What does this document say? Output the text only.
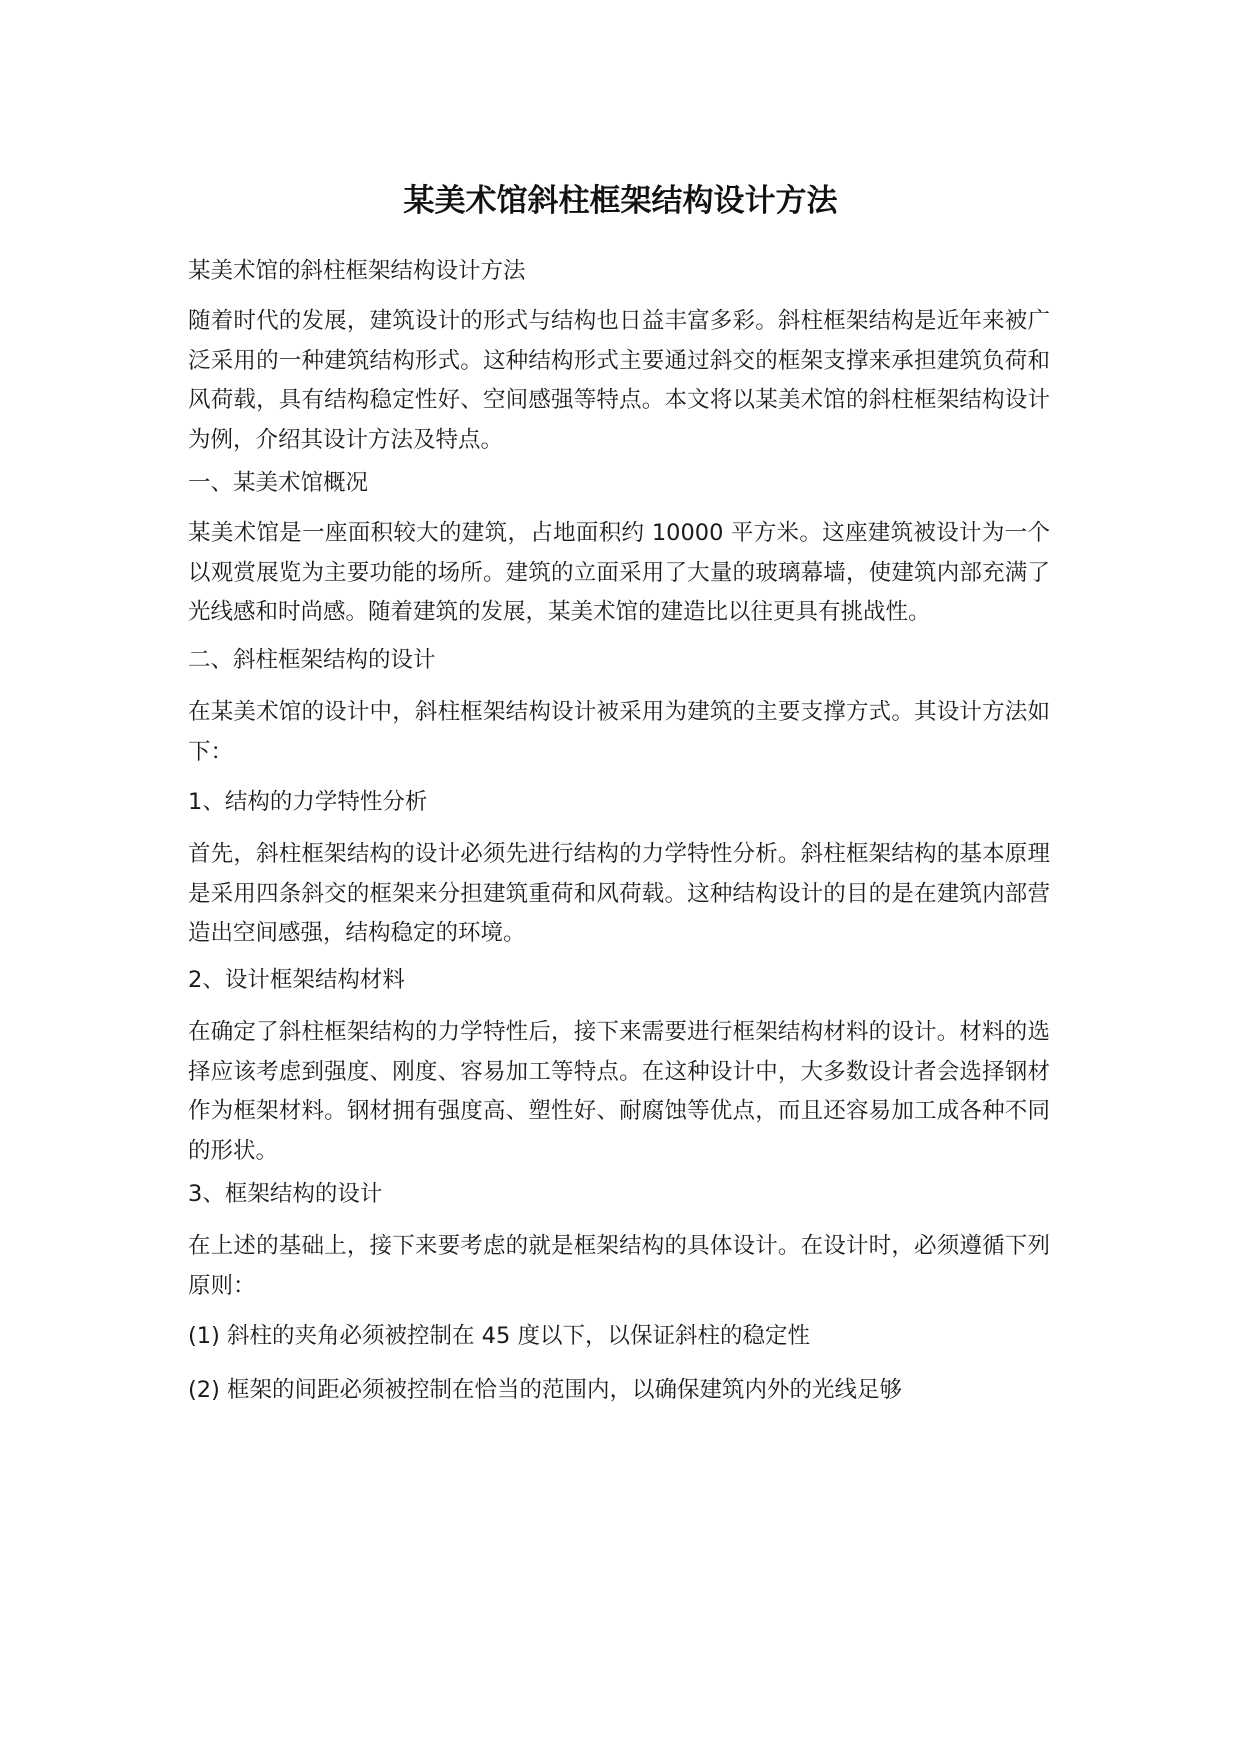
某美术馆斜柱框架结构设计方法

某美术馆的斜柱框架结构设计方法

随着时代的发展，建筑设计的形式与结构也日益丰富多彩。斜柱框架结构是近年来被广泛采用的一种建筑结构形式。这种结构形式主要通过斜交的框架支撑来承担建筑负荷和风荷载，具有结构稳定性好、空间感强等特点。本文将以某美术馆的斜柱框架结构设计为例，介绍其设计方法及特点。

一、某美术馆概况

某美术馆是一座面积较大的建筑，占地面积约 10000 平方米。这座建筑被设计为一个以观赏展览为主要功能的场所。建筑的立面采用了大量的玻璃幕墙，使建筑内部充满了光线感和时尚感。随着建筑的发展，某美术馆的建造比以往更具有挑战性。

二、斜柱框架结构的设计

在某美术馆的设计中，斜柱框架结构设计被采用为建筑的主要支撑方式。其设计方法如下：

1、结构的力学特性分析

首先，斜柱框架结构的设计必须先进行结构的力学特性分析。斜柱框架结构的基本原理是采用四条斜交的框架来分担建筑重荷和风荷载。这种结构设计的目的是在建筑内部营造出空间感强，结构稳定的环境。

2、设计框架结构材料

在确定了斜柱框架结构的力学特性后，接下来需要进行框架结构材料的设计。材料的选择应该考虑到强度、刚度、容易加工等特点。在这种设计中，大多数设计者会选择钢材作为框架材料。钢材拥有强度高、塑性好、耐腐蚀等优点，而且还容易加工成各种不同的形状。

3、框架结构的设计

在上述的基础上，接下来要考虑的就是框架结构的具体设计。在设计时，必须遵循下列原则：

(1) 斜柱的夹角必须被控制在 45 度以下，以保证斜柱的稳定性

(2) 框架的间距必须被控制在恰当的范围内，以确保建筑内外的光线足够
